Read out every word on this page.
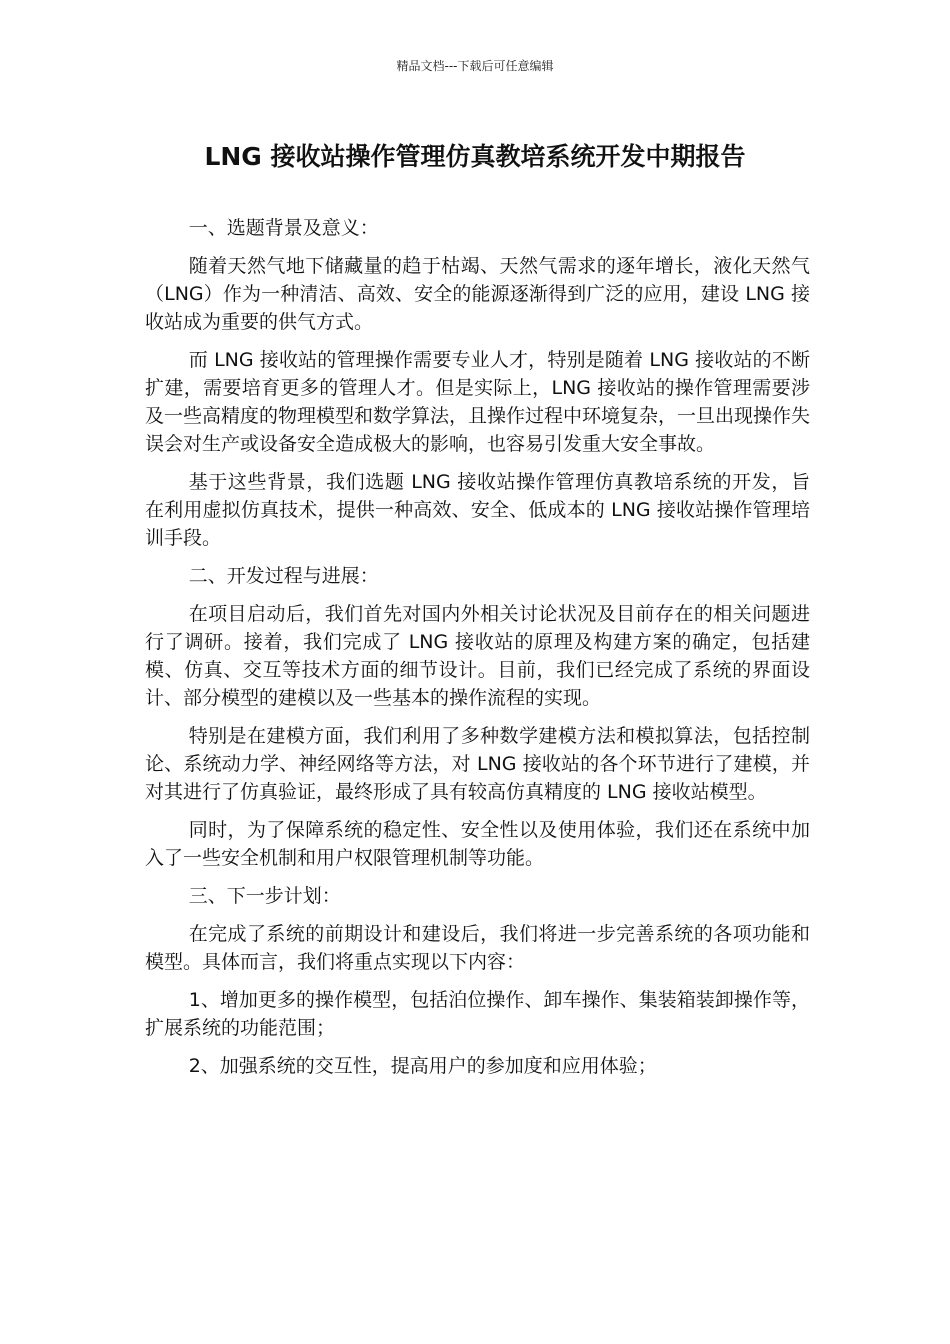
精品文档---下载后可任意编辑
LNG 接收站操作管理仿真教培系统开发中期报告

一、选题背景及意义：

随着天然气地下储藏量的趋于枯竭、天然气需求的逐年增长，液化天然气（LNG）作为一种清洁、高效、安全的能源逐渐得到广泛的应用，建设 LNG 接收站成为重要的供气方式。

而 LNG 接收站的管理操作需要专业人才，特别是随着 LNG 接收站的不断扩建，需要培育更多的管理人才。但是实际上，LNG 接收站的操作管理需要涉及一些高精度的物理模型和数学算法，且操作过程中环境复杂，一旦出现操作失误会对生产或设备安全造成极大的影响，也容易引发重大安全事故。

基于这些背景，我们选题 LNG 接收站操作管理仿真教培系统的开发，旨在利用虚拟仿真技术，提供一种高效、安全、低成本的 LNG 接收站操作管理培训手段。

二、开发过程与进展：

在项目启动后，我们首先对国内外相关讨论状况及目前存在的相关问题进行了调研。接着，我们完成了 LNG 接收站的原理及构建方案的确定，包括建模、仿真、交互等技术方面的细节设计。目前，我们已经完成了系统的界面设计、部分模型的建模以及一些基本的操作流程的实现。

特别是在建模方面，我们利用了多种数学建模方法和模拟算法，包括控制论、系统动力学、神经网络等方法，对 LNG 接收站的各个环节进行了建模，并对其进行了仿真验证，最终形成了具有较高仿真精度的 LNG 接收站模型。

同时，为了保障系统的稳定性、安全性以及使用体验，我们还在系统中加入了一些安全机制和用户权限管理机制等功能。

三、下一步计划：

在完成了系统的前期设计和建设后，我们将进一步完善系统的各项功能和模型。具体而言，我们将重点实现以下内容：

1、增加更多的操作模型，包括泊位操作、卸车操作、集装箱装卸操作等，扩展系统的功能范围；

2、加强系统的交互性，提高用户的参加度和应用体验；
